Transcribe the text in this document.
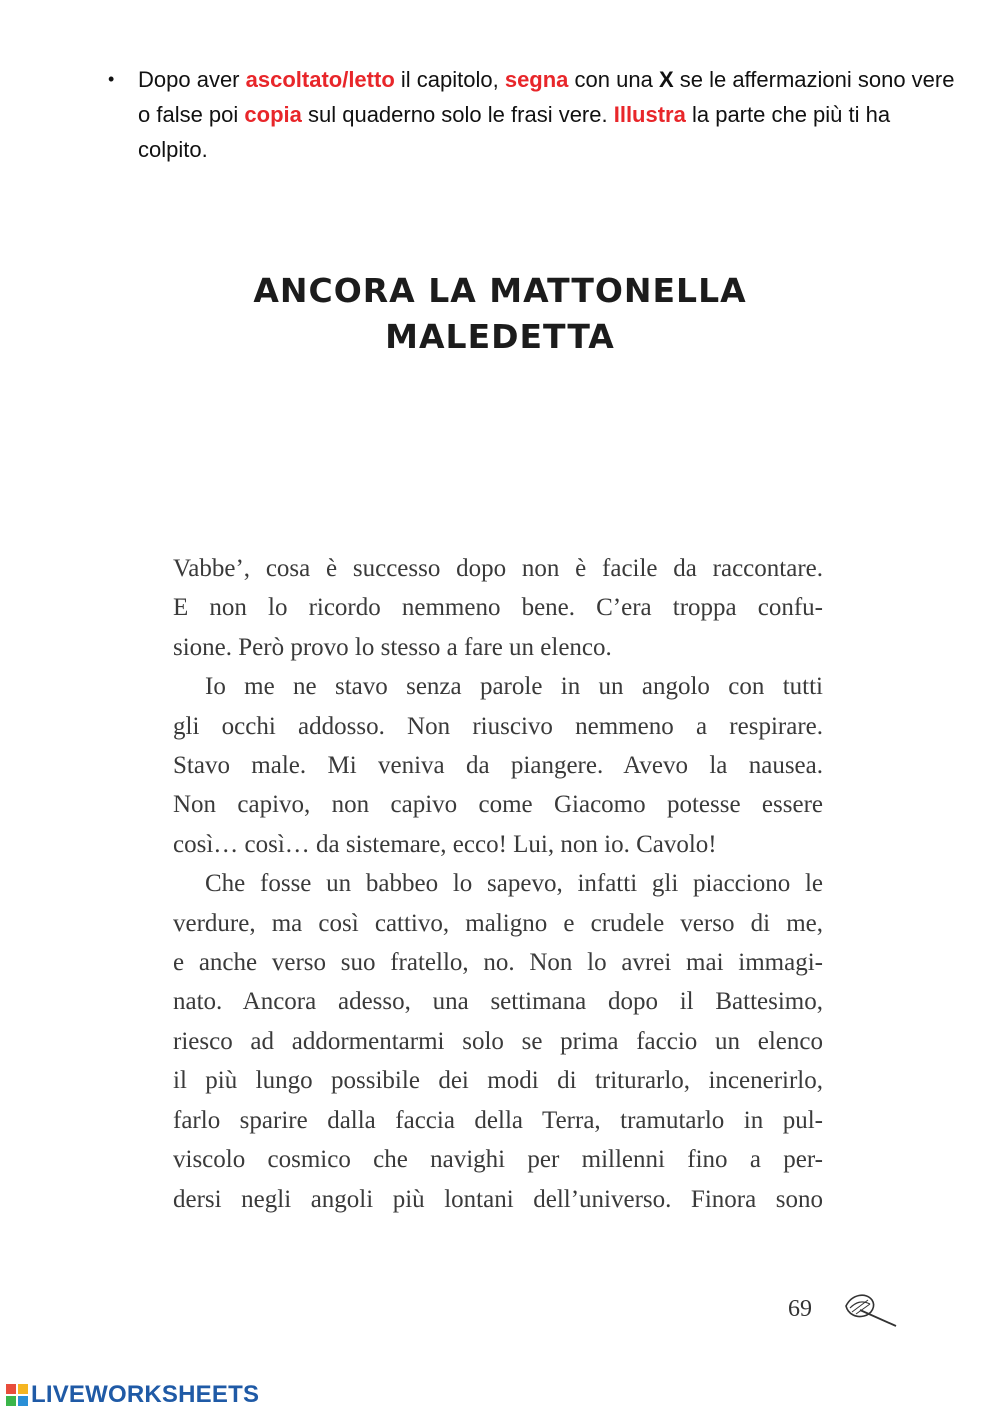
•	Dopo aver ascoltato/letto il capitolo, segna con una X se le affermazioni sono vere o false poi copia sul quaderno solo le frasi vere. Illustra la parte che più ti ha colpito.
ANCORA LA MATTONELLA
MALEDETTA
Vabbe’, cosa è successo dopo non è facile da raccontare.
E non lo ricordo nemmeno bene. C’era troppa confu-
sione. Però provo lo stesso a fare un elenco.
Io me ne stavo senza parole in un angolo con tutti
gli occhi addosso. Non riuscivo nemmeno a respirare.
Stavo male. Mi veniva da piangere. Avevo la nausea.
Non capivo, non capivo come Giacomo potesse essere
così… così… da sistemare, ecco! Lui, non io. Cavolo!
Che fosse un babbeo lo sapevo, infatti gli piacciono le
verdure, ma così cattivo, maligno e crudele verso di me,
e anche verso suo fratello, no. Non lo avrei mai immagi-
nato. Ancora adesso, una settimana dopo il Battesimo,
riesco ad addormentarmi solo se prima faccio un elenco
il più lungo possibile dei modi di triturarlo, incenerirlo,
farlo sparire dalla faccia della Terra, tramutarlo in pul-
viscolo cosmico che navighi per millenni fino a per-
dersi negli angoli più lontani dell’universo. Finora sono
69
LIVEWORKSHEETS
